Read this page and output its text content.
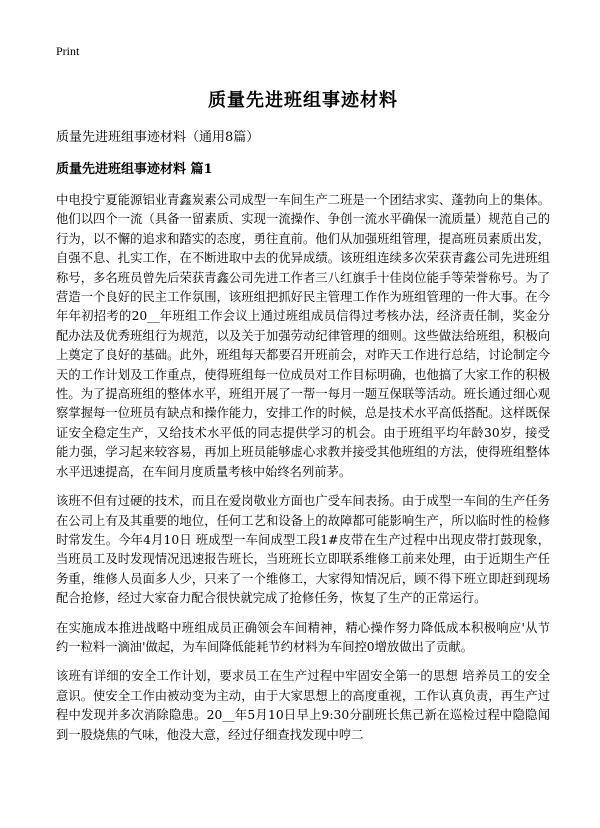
Print
质量先进班组事迹材料

质量先进班组事迹材料（通用8篇）

质量先进班组事迹材料 篇1

中电投宁夏能源铝业青鑫炭素公司成型一车间生产二班是一个团结求实、蓬勃向上的集体。他们以四个一流（具备一留素质、实现一流操作、争创一流水平确保一流质量）规范自己的行为，以不懈的追求和踏实的态度，勇往直前。他们从加强班组管理，提高班员素质出发，自强不息、扎实工作，在不断进取中去的优异成绩。该班组连续多次荣获青鑫公司先进班组称号，多名班员曾先后荣获青鑫公司先进工作者三八红旗手十佳岗位能手等荣誉称号。为了营造一个良好的民主工作氛围，该班组把抓好民主管理工作作为班组管理的一件大事。在今年年初招考的20__年班组工作会议上通过班组成员信得过考核办法，经济责任制，奖金分配办法及优秀班组行为规范，以及关于加强劳动纪律管理的细则。这些做法给班组，积极向上奠定了良好的基础。此外，班组每天都要召开班前会，对昨天工作进行总结，讨论制定今天的工作计划及工作重点，使得班组每一位成员对工作目标明确，也他搞了大家工作的积极性。为了提高班组的整体水平，班组开展了一帮一每月一题互保联等活动。班长通过细心观察掌握每一位班员有缺点和操作能力，安排工作的时候，总是技术水平高低搭配。这样既保证安全稳定生产，又给技术水平低的同志提供学习的机会。由于班组平均年龄30岁，接受能力强，学习起来较容易，再加上班员能够虚心求教并接受其他班组的方法，使得班组整体水平迅速提高，在车间月度质量考核中始终名列前茅。

该班不但有过硬的技术，而且在爱岗敬业方面也广受车间表扬。由于成型一车间的生产任务在公司上有及其重要的地位，任何工艺和设备上的故障都可能影响生产，所以临时性的检修时常发生。今年4月10日 班成型一车间成型工段1#皮带在生产过程中出现皮带打鼓现象，当班员工及时发现情况迅速报告班长，当班班长立即联系维修工前来处理，由于近期生产任务重，维修人员面多人少，只来了一个维修工，大家得知情况后，顾不得下班立即赶到现场配合抢修，经过大家奋力配合很快就完成了抢修任务，恢复了生产的正常运行。

在实施成本推进战略中班组成员正确领会车间精神，精心操作努力降低成本积极响应'从节约一粒料一滴油'做起，为车间降低能耗节约材料为车间控0增放做出了贡献。

该班有详细的安全工作计划，要求员工在生产过程中牢固安全第一的思想 培养员工的安全意识。使安全工作由被动变为主动，由于大家思想上的高度重视，工作认真负责，再生产过程中发现并多次消除隐患。20__年5月10日早上9:30分副班长焦己新在巡检过程中隐隐闻到一股烧焦的气味，他没大意，经过仔细查找发现中哼二
